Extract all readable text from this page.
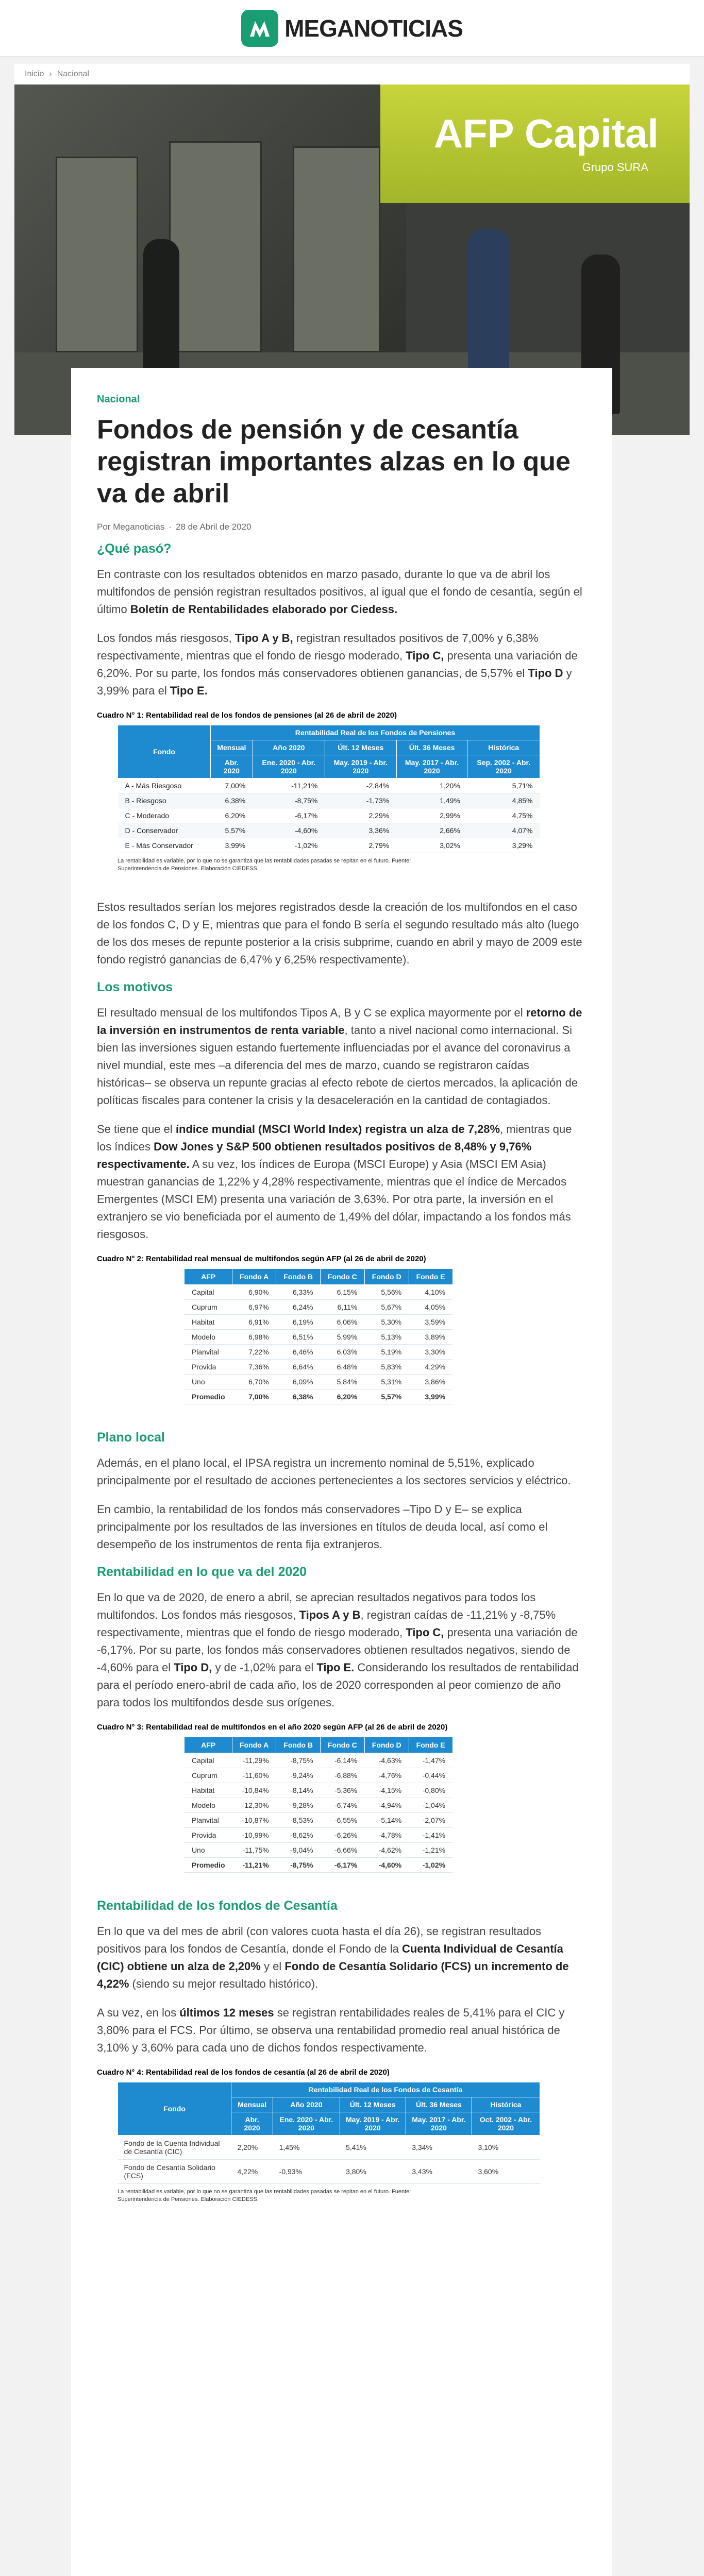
MEGANOTICIAS
Inicio › Nacional
AFP Capital
Grupo SURA
Nacional
Fondos de pensión y de cesantía registran importantes alzas en lo que va de abril
Por Meganoticias · 28 de Abril de 2020
¿Qué pasó?

En contraste con los resultados obtenidos en marzo pasado, durante lo que va de abril los multifondos de pensión registran resultados positivos, al igual que el fondo de cesantía, según el último Boletín de Rentabilidades elaborado por Ciedess.

Los fondos más riesgosos, Tipo A y B, registran resultados positivos de 7,00% y 6,38% respectivamente, mientras que el fondo de riesgo moderado, Tipo C, presenta una variación de 6,20%. Por su parte, los fondos más conservadores obtienen ganancias, de 5,57% el Tipo D y 3,99% para el Tipo E.

Cuadro N° 1: Rentabilidad real de los fondos de pensiones (al 26 de abril de 2020)
Fondo	Rentabilidad Real de los Fondos de Pensiones				
	Mensual	Año 2020	Últ. 12 Meses	Últ. 36 Meses	Histórica
	Abr. 2020	Ene. 2020 - Abr. 2020	May. 2019 - Abr. 2020	May. 2017 - Abr. 2020	Sep. 2002 - Abr. 2020
A - Más Riesgoso	7,00%	-11,21%	-2,84%	1,20%	5,71%
B - Riesgoso	6,38%	-8,75%	-1,73%	1,49%	4,85%
C - Moderado	6,20%	-6,17%	2,29%	2,99%	4,75%
D - Conservador	5,57%	-4,60%	3,36%	2,66%	4,07%
E - Más Conservador	3,99%	-1,02%	2,79%	3,02%	3,29%
La rentabilidad es variable, por lo que no se garantiza que las rentabilidades pasadas se repitan en el futuro. Fuente: Superintendencia de Pensiones. Elaboración CIEDESS.

Estos resultados serían los mejores registrados desde la creación de los multifondos en el caso de los fondos C, D y E, mientras que para el fondo B sería el segundo resultado más alto (luego de los dos meses de repunte posterior a la crisis subprime, cuando en abril y mayo de 2009 este fondo registró ganancias de 6,47% y 6,25% respectivamente).

Los motivos

El resultado mensual de los multifondos Tipos A, B y C se explica mayormente por el retorno de la inversión en instrumentos de renta variable, tanto a nivel nacional como internacional. Si bien las inversiones siguen estando fuertemente influenciadas por el avance del coronavirus a nivel mundial, este mes –a diferencia del mes de marzo, cuando se registraron caídas históricas– se observa un repunte gracias al efecto rebote de ciertos mercados, la aplicación de políticas fiscales para contener la crisis y la desaceleración en la cantidad de contagiados.

Se tiene que el índice mundial (MSCI World Index) registra un alza de 7,28%, mientras que los índices Dow Jones y S&P 500 obtienen resultados positivos de 8,48% y 9,76% respectivamente. A su vez, los índices de Europa (MSCI Europe) y Asia (MSCI EM Asia) muestran ganancias de 1,22% y 4,28% respectivamente, mientras que el índice de Mercados Emergentes (MSCI EM) presenta una variación de 3,63%. Por otra parte, la inversión en el extranjero se vio beneficiada por el aumento de 1,49% del dólar, impactando a los fondos más riesgosos.

Cuadro N° 2: Rentabilidad real mensual de multifondos según AFP (al 26 de abril de 2020)
AFP	Fondo A	Fondo B	Fondo C	Fondo D	Fondo E
Capital	6,90%	6,33%	6,15%	5,56%	4,10%
Cuprum	6,97%	6,24%	6,11%	5,67%	4,05%
Habitat	6,91%	6,19%	6,06%	5,30%	3,59%
Modelo	6,98%	6,51%	5,99%	5,13%	3,89%
Planvital	7,22%	6,46%	6,03%	5,19%	3,30%
Provida	7,36%	6,64%	6,48%	5,83%	4,29%
Uno	6,70%	6,09%	5,84%	5,31%	3,86%
Promedio	7,00%	6,38%	6,20%	5,57%	3,99%
Plano local

Además, en el plano local, el IPSA registra un incremento nominal de 5,51%, explicado principalmente por el resultado de acciones pertenecientes a los sectores servicios y eléctrico.

En cambio, la rentabilidad de los fondos más conservadores –Tipo D y E– se explica principalmente por los resultados de las inversiones en títulos de deuda local, así como el desempeño de los instrumentos de renta fija extranjeros.

Rentabilidad en lo que va del 2020

En lo que va de 2020, de enero a abril, se aprecian resultados negativos para todos los multifondos. Los fondos más riesgosos, Tipos A y B, registran caídas de -11,21% y -8,75% respectivamente, mientras que el fondo de riesgo moderado, Tipo C, presenta una variación de -6,17%. Por su parte, los fondos más conservadores obtienen resultados negativos, siendo de -4,60% para el Tipo D, y de -1,02% para el Tipo E. Considerando los resultados de rentabilidad para el período enero-abril de cada año, los de 2020 corresponden al peor comienzo de año para todos los multifondos desde sus orígenes.

Cuadro N° 3: Rentabilidad real de multifondos en el año 2020 según AFP (al 26 de abril de 2020)
AFP	Fondo A	Fondo B	Fondo C	Fondo D	Fondo E
Capital	-11,29%	-8,75%	-6,14%	-4,63%	-1,47%
Cuprum	-11,60%	-9,24%	-6,88%	-4,76%	-0,44%
Habitat	-10,84%	-8,14%	-5,36%	-4,15%	-0,80%
Modelo	-12,30%	-9,28%	-6,74%	-4,94%	-1,04%
Planvital	-10,87%	-8,53%	-6,55%	-5,14%	-2,07%
Provida	-10,99%	-8,62%	-6,26%	-4,78%	-1,41%
Uno	-11,75%	-9,04%	-6,66%	-4,62%	-1,21%
Promedio	-11,21%	-8,75%	-6,17%	-4,60%	-1,02%
Rentabilidad de los fondos de Cesantía

En lo que va del mes de abril (con valores cuota hasta el día 26), se registran resultados positivos para los fondos de Cesantía, donde el Fondo de la Cuenta Individual de Cesantía (CIC) obtiene un alza de 2,20% y el Fondo de Cesantía Solidario (FCS) un incremento de 4,22% (siendo su mejor resultado histórico).

A su vez, en los últimos 12 meses se registran rentabilidades reales de 5,41% para el CIC y 3,80% para el FCS. Por último, se observa una rentabilidad promedio real anual histórica de 3,10% y 3,60% para cada uno de dichos fondos respectivamente.

Cuadro N° 4: Rentabilidad real de los fondos de cesantía (al 26 de abril de 2020)
Fondo	Rentabilidad Real de los Fondos de Cesantía				
	Mensual	Año 2020	Últ. 12 Meses	Últ. 36 Meses	Histórica
	Abr. 2020	Ene. 2020 - Abr. 2020	May. 2019 - Abr. 2020	May. 2017 - Abr. 2020	Oct. 2002 - Abr. 2020
Fondo de la Cuenta Individual de Cesantía (CIC)	2,20%	1,45%	5,41%	3,34%	3,10%
Fondo de Cesantía Solidario (FCS)	4,22%	-0,93%	3,80%	3,43%	3,60%
La rentabilidad es variable, por lo que no se garantiza que las rentabilidades pasadas se repitan en el futuro. Fuente: Superintendencia de Pensiones. Elaboración CIEDESS.
